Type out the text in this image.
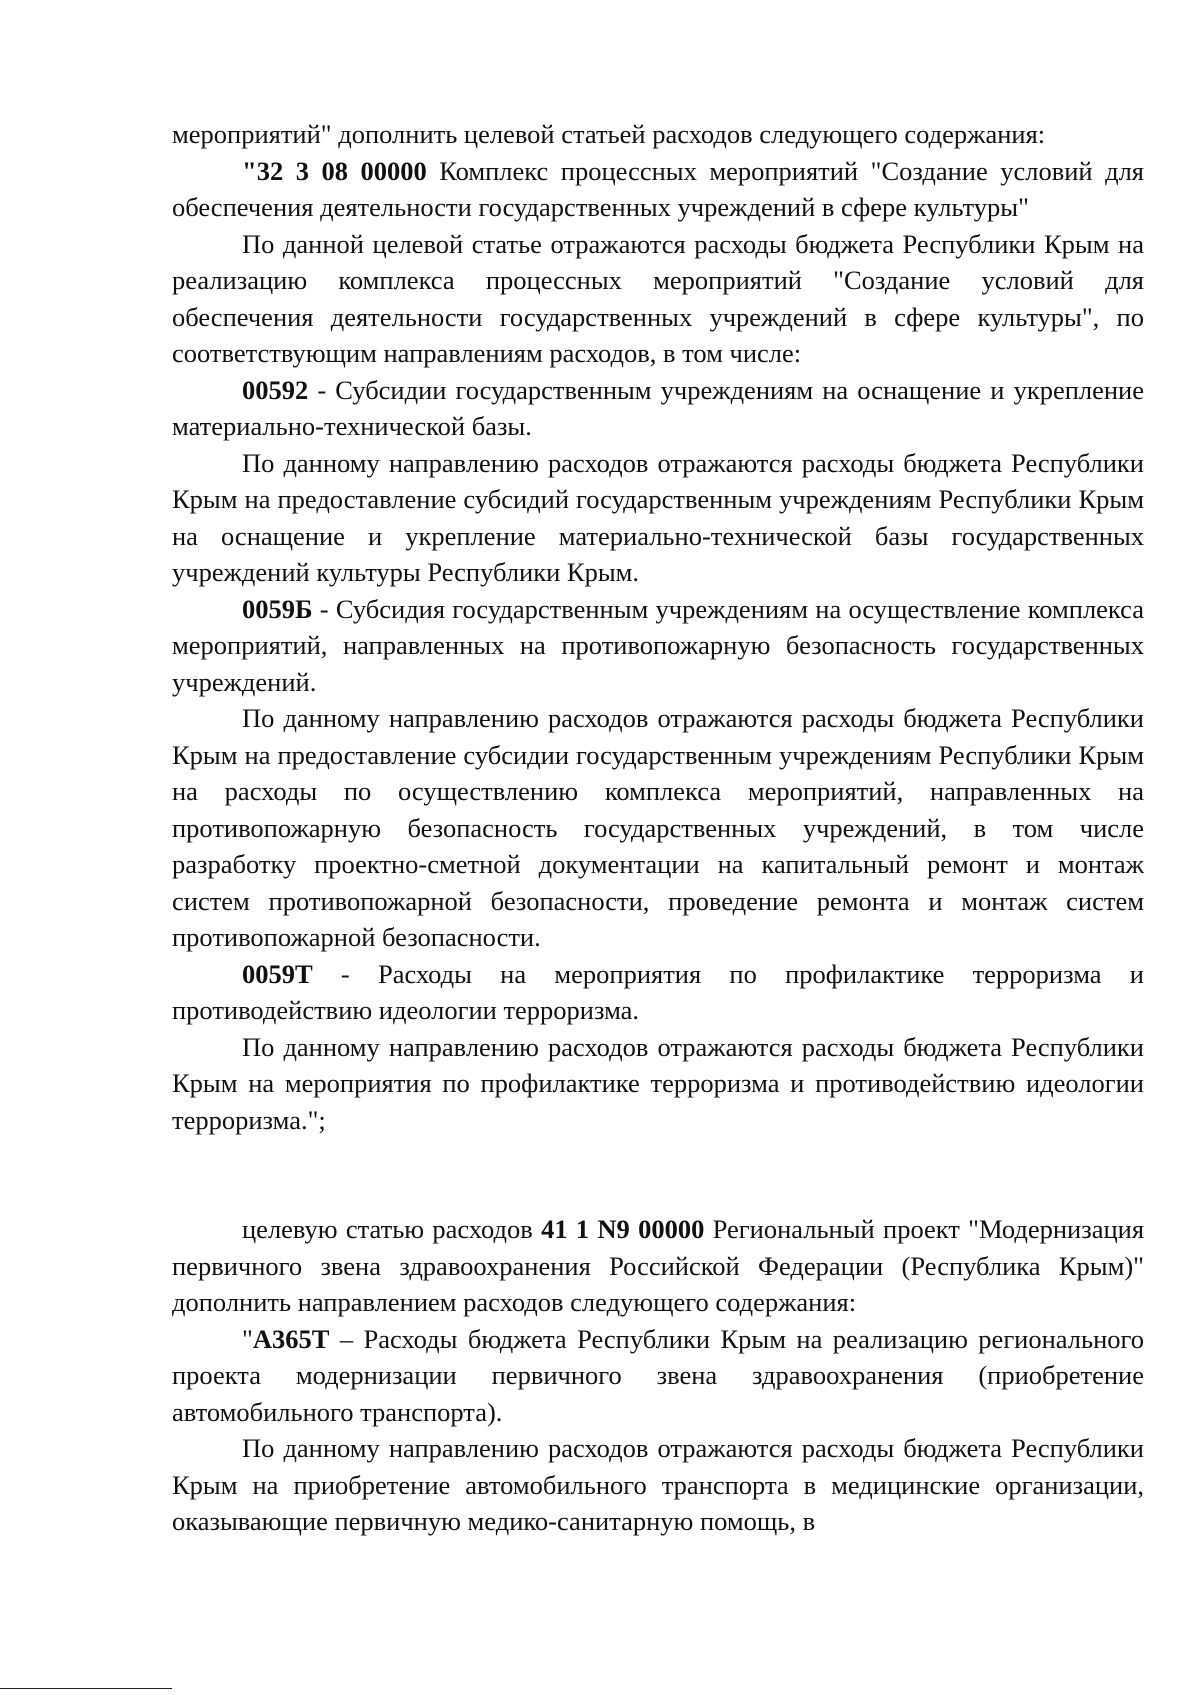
мероприятий" дополнить целевой статьей расходов следующего содержания:

"32 3 08 00000 Комплекс процессных мероприятий "Создание условий для обеспечения деятельности государственных учреждений в сфере культуры"

По данной целевой статье отражаются расходы бюджета Республики Крым на реализацию комплекса процессных мероприятий "Создание условий для обеспечения деятельности государственных учреждений в сфере культуры", по соответствующим направлениям расходов, в том числе:

00592 - Субсидии государственным учреждениям на оснащение и укрепление материально-технической базы.

По данному направлению расходов отражаются расходы бюджета Республики Крым на предоставление субсидий государственным учреждениям Республики Крым на оснащение и укрепление материально-технической базы государственных учреждений культуры Республики Крым.

0059Б - Субсидия государственным учреждениям на осуществление комплекса мероприятий, направленных на противопожарную безопасность государственных учреждений.

По данному направлению расходов отражаются расходы бюджета Республики Крым на предоставление субсидии государственным учреждениям Республики Крым на расходы по осуществлению комплекса мероприятий, направленных на противопожарную безопасность государственных учреждений, в том числе разработку проектно-сметной документации на капитальный ремонт и монтаж систем противопожарной безопасности, проведение ремонта и монтаж систем противопожарной безопасности.

0059Т - Расходы на мероприятия по профилактике терроризма и противодействию идеологии терроризма.

По данному направлению расходов отражаются расходы бюджета Республики Крым на мероприятия по профилактике терроризма и противодействию идеологии терроризма.";

целевую статью расходов 41 1 N9 00000 Региональный проект "Модернизация первичного звена здравоохранения Российской Федерации (Республика Крым)" дополнить направлением расходов следующего содержания:

"А365Т – Расходы бюджета Республики Крым на реализацию регионального проекта модернизации первичного звена здравоохранения (приобретение автомобильного транспорта).

По данному направлению расходов отражаются расходы бюджета Республики Крым на приобретение автомобильного транспорта в медицинские организации, оказывающие первичную медико-санитарную помощь, в
